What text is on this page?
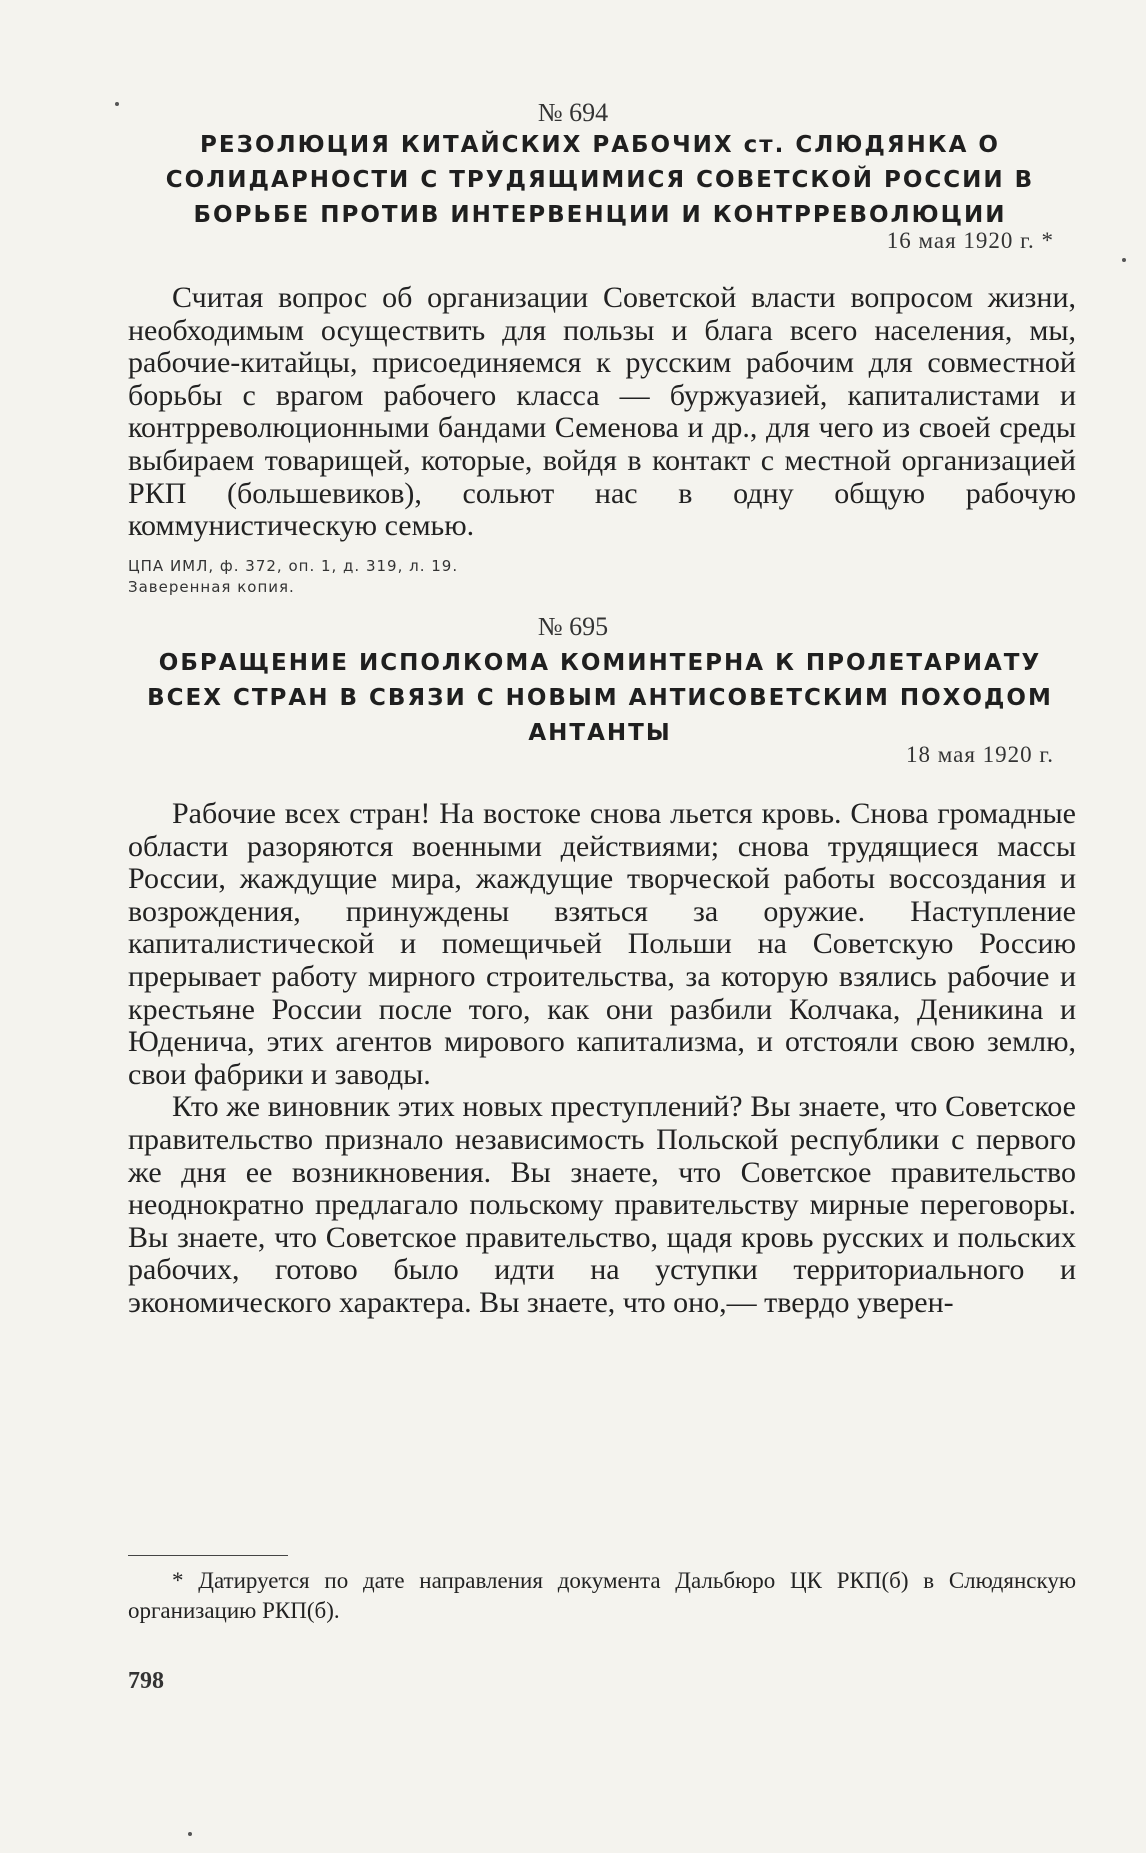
№ 694
РЕЗОЛЮЦИЯ КИТАЙСКИХ РАБОЧИХ ст. СЛЮДЯНКА О СОЛИДАРНОСТИ С ТРУДЯЩИМИСЯ СОВЕТСКОЙ РОССИИ В БОРЬБЕ ПРОТИВ ИНТЕРВЕНЦИИ И КОНТРРЕВОЛЮЦИИ
16 мая 1920 г. *

Считая вопрос об организации Советской власти вопросом жизни, необходимым осуществить для пользы и блага всего населения, мы, рабочие-китайцы, присоединяемся к русским рабочим для совместной борьбы с врагом рабочего класса — буржуазией, капиталистами и контрреволюционными бандами Семенова и др., для чего из своей среды выбираем товарищей, которые, войдя в контакт с местной организацией РКП (большевиков), сольют нас в одну общую рабочую коммунистическую семью.

ЦПА ИМЛ, ф. 372, оп. 1, д. 319, л. 19. Заверенная копия.
№ 695
ОБРАЩЕНИЕ ИСПОЛКОМА КОМИНТЕРНА К ПРОЛЕТАРИАТУ ВСЕХ СТРАН В СВЯЗИ С НОВЫМ АНТИСОВЕТСКИМ ПОХОДОМ АНТАНТЫ
18 мая 1920 г.

Рабочие всех стран! На востоке снова льется кровь. Снова громадные области разоряются военными действиями; снова трудящиеся массы России, жаждущие мира, жаждущие творческой работы воссоздания и возрождения, принуждены взяться за оружие. Наступление капиталистической и помещичьей Польши на Советскую Россию прерывает работу мирного строительства, за которую взялись рабочие и крестьяне России после того, как они разбили Колчака, Деникина и Юденича, этих агентов мирового капитализма, и отстояли свою землю, свои фабрики и заводы.

Кто же виновник этих новых преступлений? Вы знаете, что Советское правительство признало независимость Польской республики с первого же дня ее возникновения. Вы знаете, что Советское правительство неоднократно предлагало польскому правительству мирные переговоры. Вы знаете, что Советское правительство, щадя кровь русских и польских рабочих, готово было идти на уступки территориального и экономического характера. Вы знаете, что оно,— твердо уверен-

* Датируется по дате направления документа Дальбюро ЦК РКП(б) в Слюдянскую организацию РКП(б).

798
